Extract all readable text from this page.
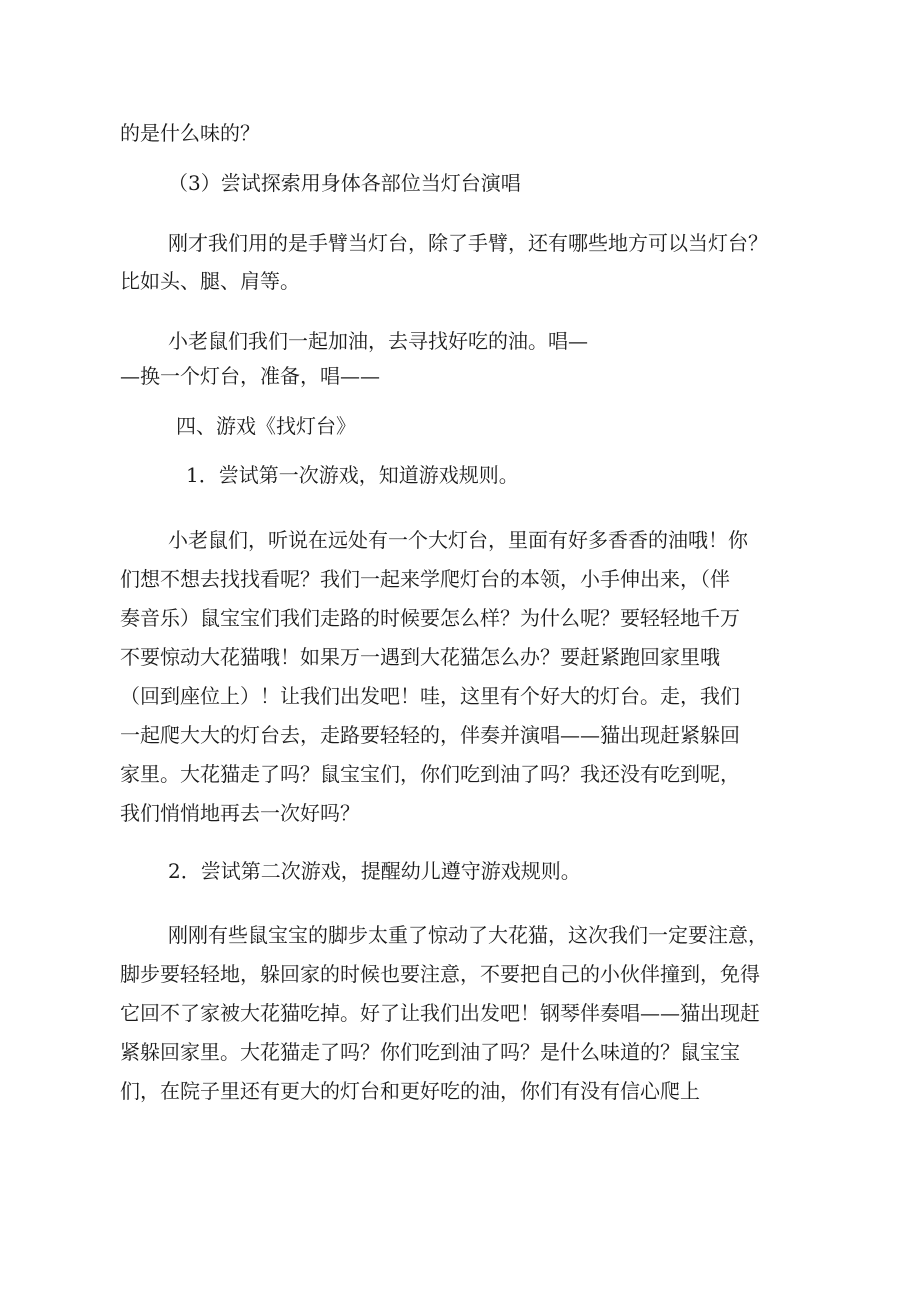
的是什么味的？

（3）尝试探索用身体各部位当灯台演唱

刚才我们用的是手臂当灯台，除了手臂，还有哪些地方可以当灯台？

比如头、腿、肩等。

小老鼠们我们一起加油，去寻找好吃的油。唱—

—换一个灯台，准备，唱——

四、游戏《找灯台》

1．尝试第一次游戏，知道游戏规则。

小老鼠们，听说在远处有一个大灯台，里面有好多香香的油哦！你

们想不想去找找看呢？我们一起来学爬灯台的本领，小手伸出来，（伴

奏音乐）鼠宝宝们我们走路的时候要怎么样？为什么呢？要轻轻地千万

不要惊动大花猫哦！如果万一遇到大花猫怎么办？要赶紧跑回家里哦

（回到座位上）！让我们出发吧！哇，这里有个好大的灯台。走，我们

一起爬大大的灯台去，走路要轻轻的，伴奏并演唱——猫出现赶紧躲回

家里。大花猫走了吗？鼠宝宝们，你们吃到油了吗？我还没有吃到呢，

我们悄悄地再去一次好吗？

2．尝试第二次游戏，提醒幼儿遵守游戏规则。

刚刚有些鼠宝宝的脚步太重了惊动了大花猫，这次我们一定要注意，

脚步要轻轻地，躲回家的时候也要注意，不要把自己的小伙伴撞到，免得

它回不了家被大花猫吃掉。好了让我们出发吧！钢琴伴奏唱——猫出现赶

紧躲回家里。大花猫走了吗？你们吃到油了吗？是什么味道的？鼠宝宝

们，在院子里还有更大的灯台和更好吃的油，你们有没有信心爬上
